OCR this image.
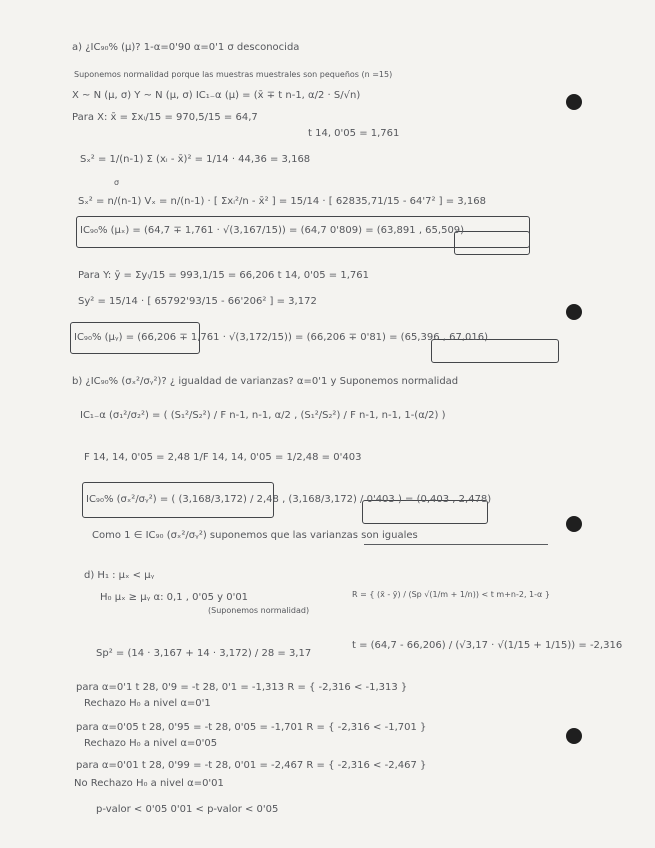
a) ¿IC₉₀% (μ)? 1-α=0'90 α=0'1 σ desconocida
Suponemos normalidad porque las muestras muestrales son pequeños (n =15)
X ~ N (μ, σ) Y ~ N (μ, σ) IC₁₋α (μ) = (x̄ ∓ t n-1, α/2 · S/√n)
Para X: x̄ = Σxᵢ/15 = 970,5/15 = 64,7
t 14, 0'05 = 1,761
Sₓ² = 1/(n-1) Σ (xᵢ - x̄)² = 1/14 · 44,36 = 3,168
σ
Sₓ² = n/(n-1) Vₓ = n/(n-1) · [ Σxᵢ²/n - x̄² ] = 15/14 · [ 62835,71/15 - 64'7² ] = 3,168
IC₉₀% (μₓ) = (64,7 ∓ 1,761 · √(3,167/15)) = (64,7 0'809) = (63,891 , 65,509)
Para Y: ȳ = Σyᵢ/15 = 993,1/15 = 66,206 t 14, 0'05 = 1,761
Sy² = 15/14 · [ 65792'93/15 - 66'206² ] = 3,172
IC₉₀% (μᵧ) = (66,206 ∓ 1,761 · √(3,172/15)) = (66,206 ∓ 0'81) = (65,396 , 67,016)
b) ¿IC₉₀% (σₓ²/σᵧ²)? ¿ igualdad de varianzas? α=0'1 y Suponemos normalidad
IC₁₋α (σ₁²/σ₂²) = ( (S₁²/S₂²) / F n-1, n-1, α/2 , (S₁²/S₂²) / F n-1, n-1, 1-(α/2) )
F 14, 14, 0'05 = 2,48 1/F 14, 14, 0'05 = 1/2,48 = 0'403
IC₉₀% (σₓ²/σᵧ²) = ( (3,168/3,172) / 2,48 , (3,168/3,172) / 0'403 ) = (0,403 , 2,478)
Como 1 ∈ IC₉₀ (σₓ²/σᵧ²) suponemos que las varianzas son iguales
d) H₁ : μₓ < μᵧ
H₀ μₓ ≥ μᵧ α: 0,1 , 0'05 y 0'01
(Suponemos normalidad)
R = { (x̄ - ȳ) / (Sp √(1/m + 1/n)) < t m+n-2, 1-α }
Sp² = (14 · 3,167 + 14 · 3,172) / 28 = 3,17
t = (64,7 - 66,206) / (√3,17 · √(1/15 + 1/15)) = -2,316
para α=0'1 t 28, 0'9 = -t 28, 0'1 = -1,313 R = { -2,316 < -1,313 }
Rechazo H₀ a nivel α=0'1
para α=0'05 t 28, 0'95 = -t 28, 0'05 = -1,701 R = { -2,316 < -1,701 }
Rechazo H₀ a nivel α=0'05
para α=0'01 t 28, 0'99 = -t 28, 0'01 = -2,467 R = { -2,316 < -2,467 }
No Rechazo H₀ a nivel α=0'01
p-valor < 0'05 0'01 < p-valor < 0'05
